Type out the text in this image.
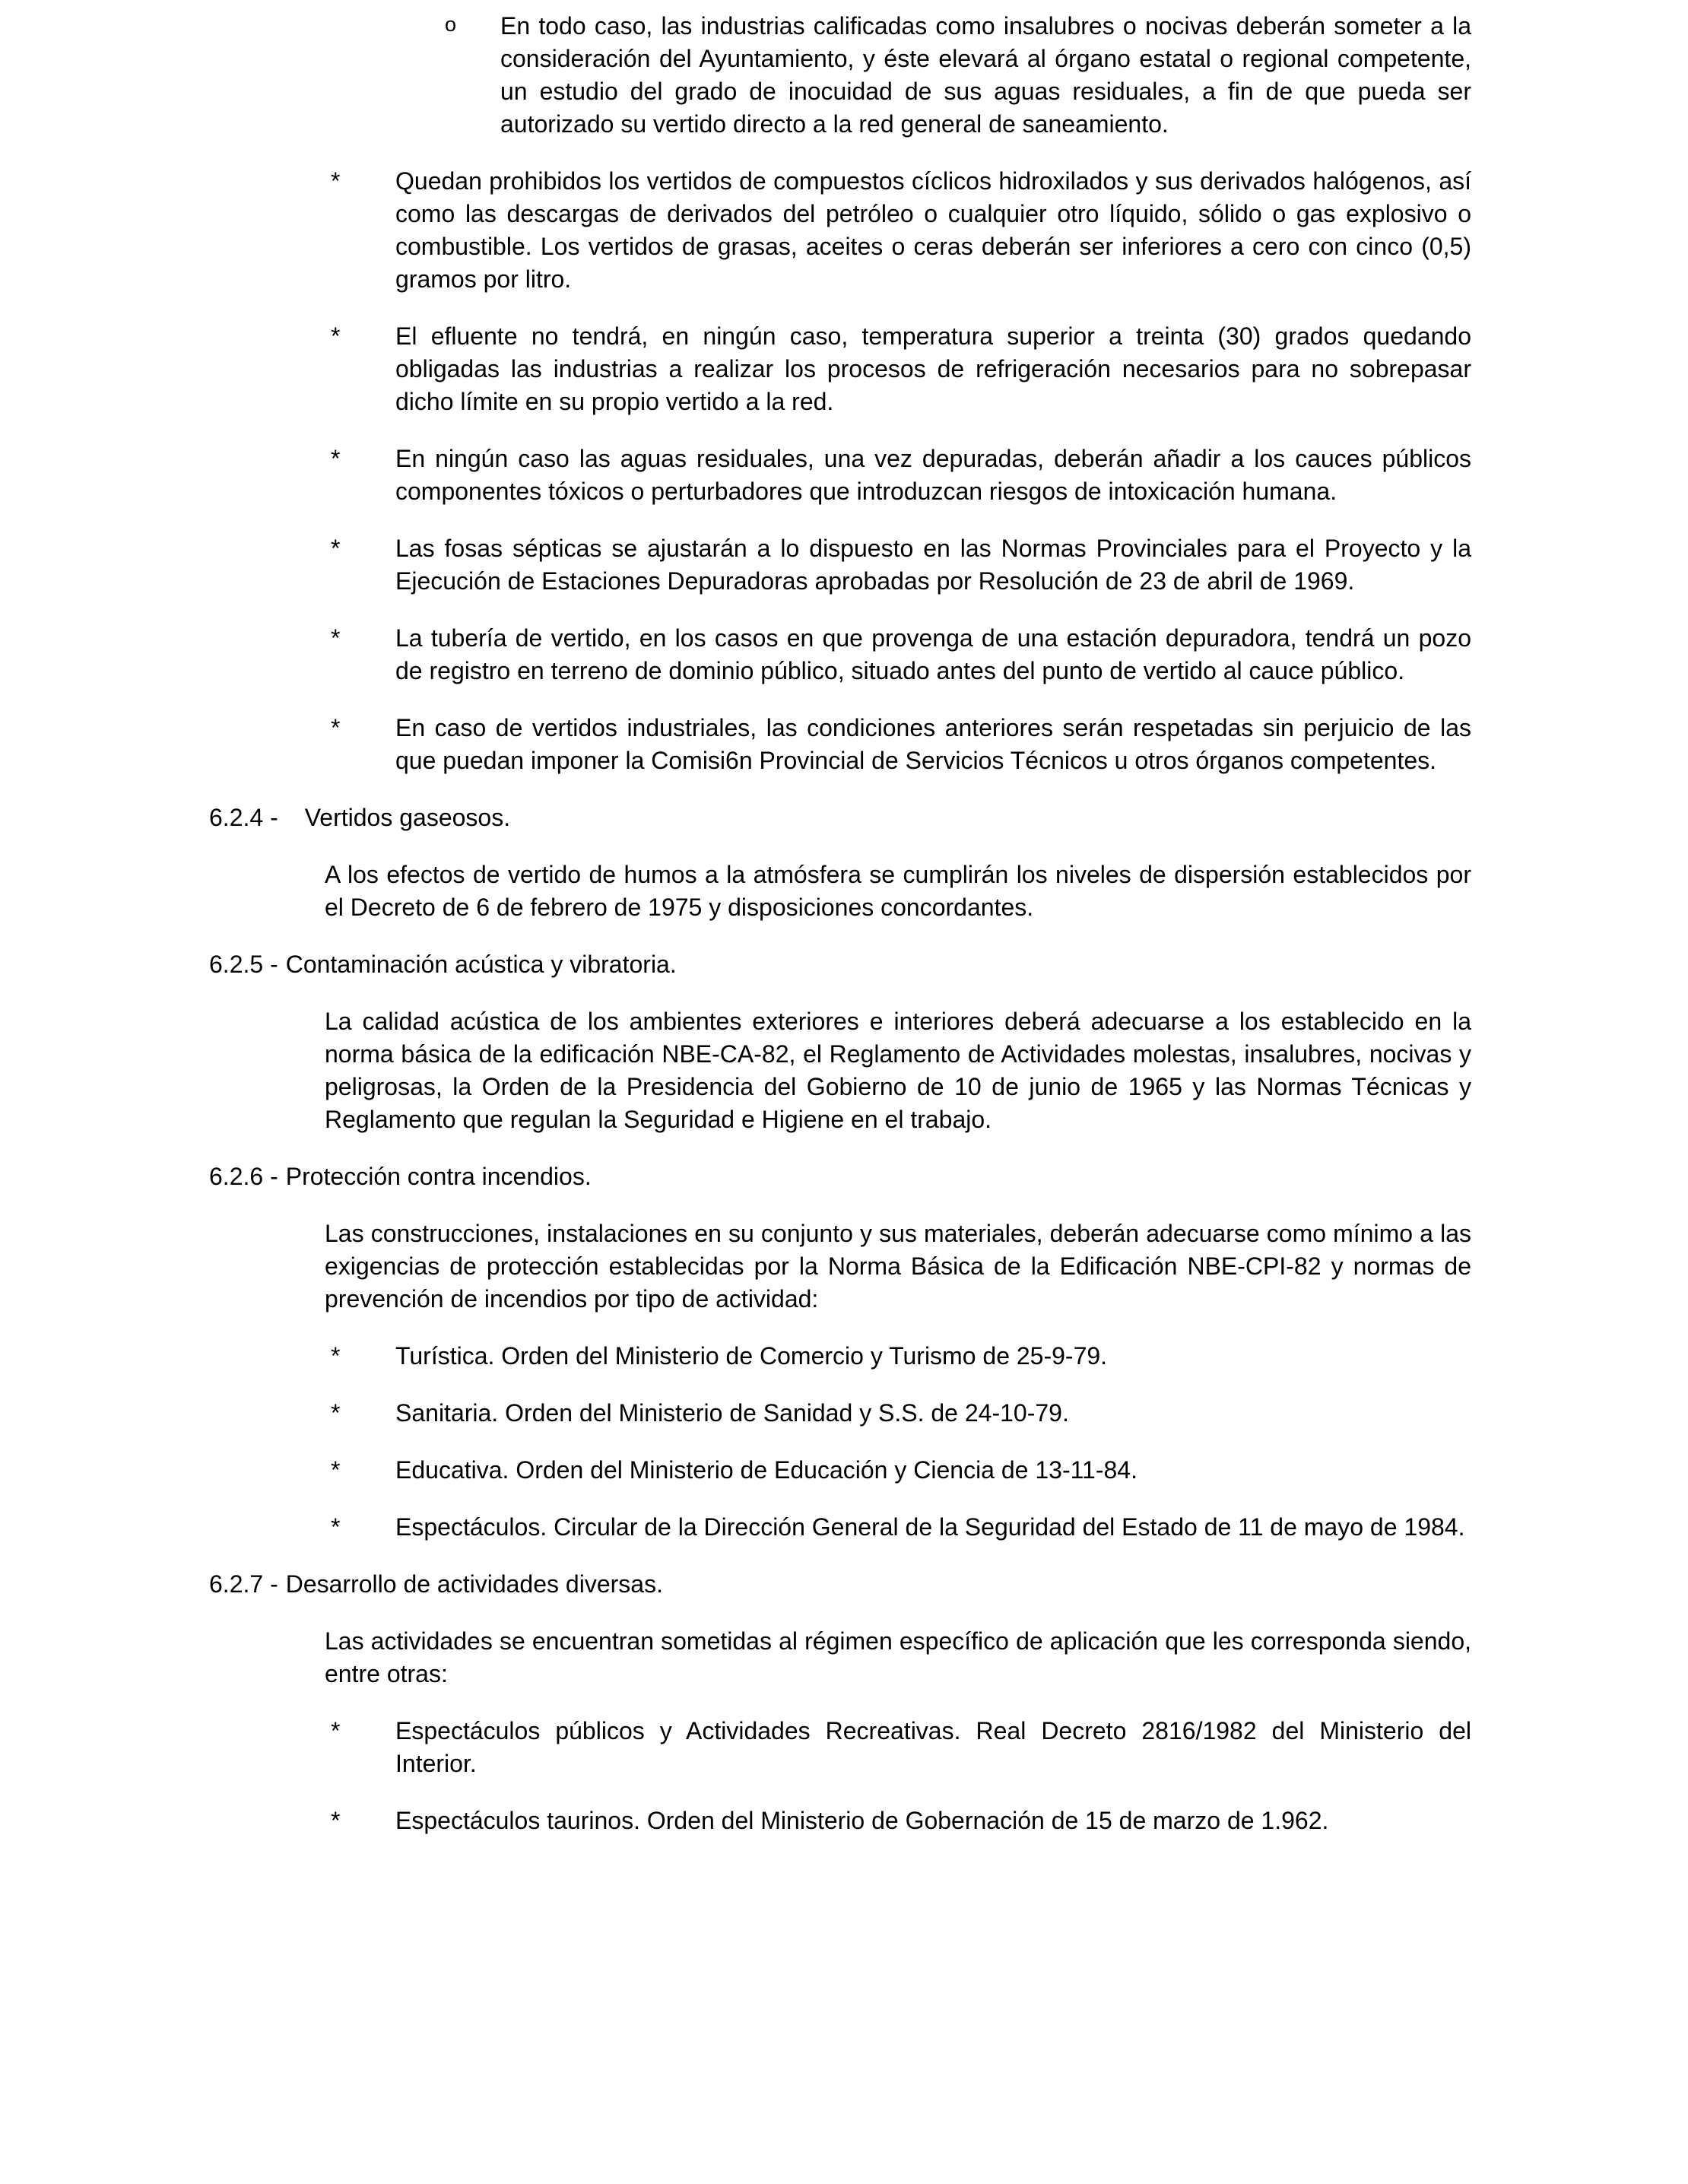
o En todo caso, las industrias calificadas como insalubres o nocivas deberán someter a la consideración del Ayuntamiento, y éste elevará al órgano estatal o regional competente, un estudio del grado de inocuidad de sus aguas residuales, a fin de que pueda ser autorizado su vertido directo a la red general de saneamiento.
* Quedan prohibidos los vertidos de compuestos cíclicos hidroxilados y sus derivados halógenos, así como las descargas de derivados del petróleo o cualquier otro líquido, sólido o gas explosivo o combustible. Los vertidos de grasas, aceites o ceras deberán ser inferiores a cero con cinco (0,5) gramos por litro.
* El efluente no tendrá, en ningún caso, temperatura superior a treinta (30) grados quedando obligadas las industrias a realizar los procesos de refrigeración necesarios para no sobrepasar dicho límite en su propio vertido a la red.
* En ningún caso las aguas residuales, una vez depuradas, deberán añadir a los cauces públicos componentes tóxicos o perturbadores que introduzcan riesgos de intoxicación humana.
* Las fosas sépticas se ajustarán a lo dispuesto en las Normas Provinciales para el Proyecto y la Ejecución de Estaciones Depuradoras aprobadas por Resolución de 23 de abril de 1969.
* La tubería de vertido, en los casos en que provenga de una estación depuradora, tendrá un pozo de registro en terreno de dominio público, situado antes del punto de vertido al cauce público.
* En caso de vertidos industriales, las condiciones anteriores serán respetadas sin perjuicio de las que puedan imponer la Comisi6n Provincial de Servicios Técnicos u otros órganos competentes.
6.2.4 - Vertidos gaseosos.
A los efectos de vertido de humos a la atmósfera se cumplirán los niveles de dispersión establecidos por el Decreto de 6 de febrero de 1975 y disposiciones concordantes.
6.2.5 - Contaminación acústica y vibratoria.
La calidad acústica de los ambientes exteriores e interiores deberá adecuarse a los establecido en la norma básica de la edificación NBE-CA-82, el Reglamento de Actividades molestas, insalubres, nocivas y peligrosas, la Orden de la Presidencia del Gobierno de 10 de junio de 1965 y las Normas Técnicas y Reglamento que regulan la Seguridad e Higiene en el trabajo.
6.2.6 - Protección contra incendios.
Las construcciones, instalaciones en su conjunto y sus materiales, deberán adecuarse como mínimo a las exigencias de protección establecidas por la Norma Básica de la Edificación NBE-CPI-82 y normas de prevención de incendios por tipo de actividad:
* Turística. Orden del Ministerio de Comercio y Turismo de 25-9-79.
* Sanitaria. Orden del Ministerio de Sanidad y S.S. de 24-10-79.
* Educativa. Orden del Ministerio de Educación y Ciencia de 13-11-84.
* Espectáculos. Circular de la Dirección General de la Seguridad del Estado de 11 de mayo de 1984.
6.2.7 - Desarrollo de actividades diversas.
Las actividades se encuentran sometidas al régimen específico de aplicación que les corresponda siendo, entre otras:
* Espectáculos públicos y Actividades Recreativas. Real Decreto 2816/1982 del Ministerio del Interior.
* Espectáculos taurinos. Orden del Ministerio de Gobernación de 15 de marzo de 1.962.
